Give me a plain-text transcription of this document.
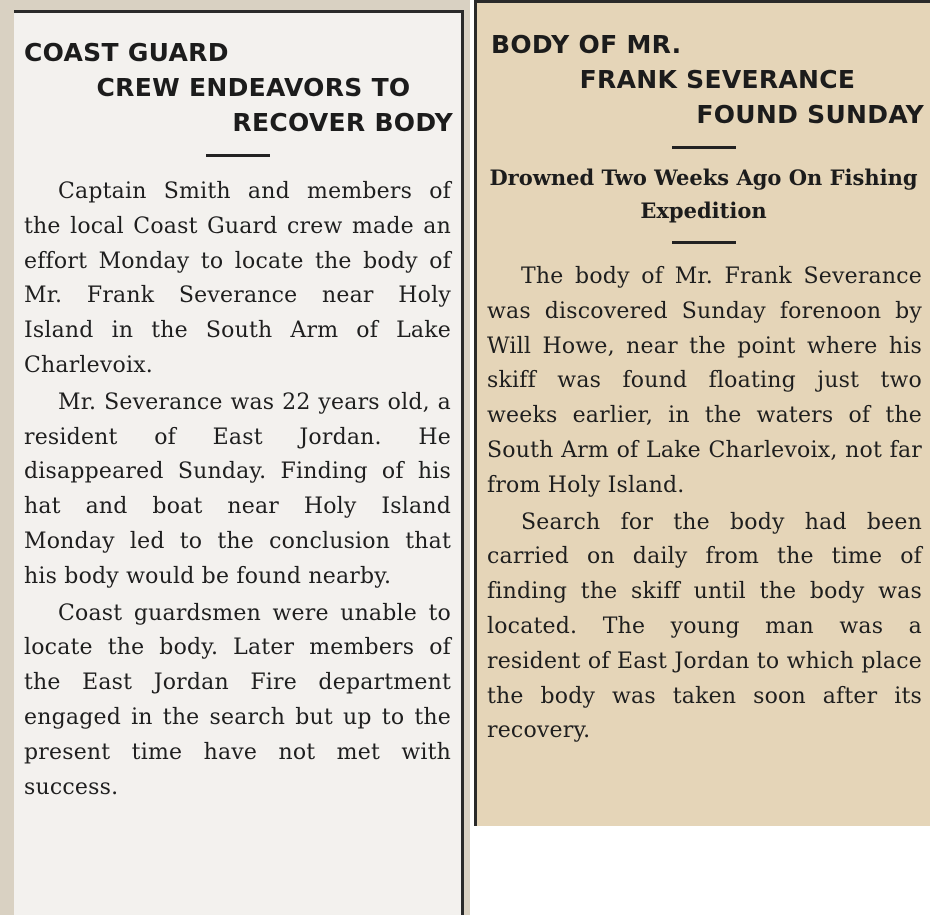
COAST GUARD
CREW ENDEAVORS TO
RECOVER BODY
Captain Smith and members of the local Coast Guard crew made an effort Monday to locate the body of Mr. Frank Severance near Holy Island in the South Arm of Lake Charlevoix.
Mr. Severance was 22 years old, a resident of East Jordan. He disappeared Sunday. Finding of his hat and boat near Holy Island Monday led to the conclusion that his body would be found nearby.
Coast guardsmen were unable to locate the body. Later members of the East Jordan Fire department engaged in the search but up to the present time have not met with success.
BODY OF MR.
FRANK SEVERANCE
FOUND SUNDAY
Drowned Two Weeks Ago On Fishing Expedition
The body of Mr. Frank Severance was discovered Sunday forenoon by Will Howe, near the point where his skiff was found floating just two weeks earlier, in the waters of the South Arm of Lake Charlevoix, not far from Holy Island.
Search for the body had been carried on daily from the time of finding the skiff until the body was located. The young man was a resident of East Jordan to which place the body was taken soon after its recovery.
